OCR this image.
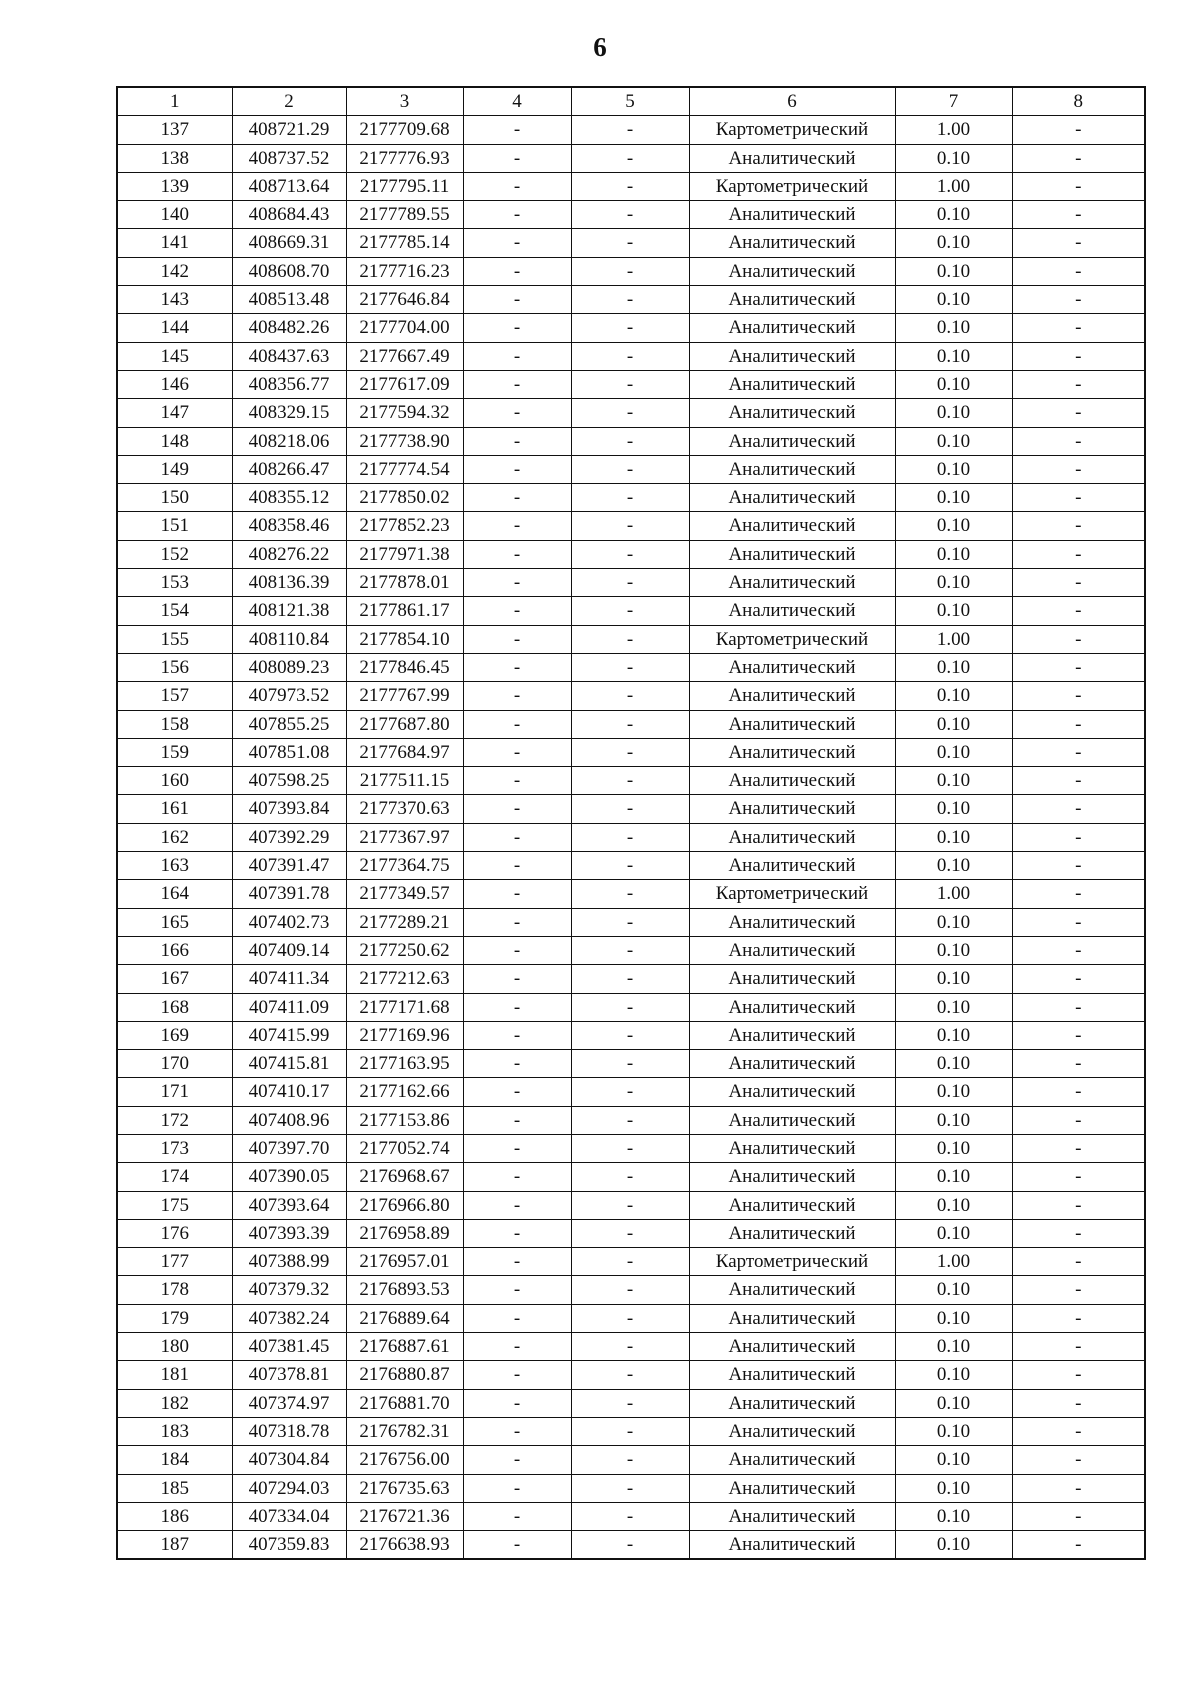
6
1	2	3	4	5	6	7	8
137	408721.29	2177709.68	-	-	Картометрический	1.00	-
138	408737.52	2177776.93	-	-	Аналитический	0.10	-
139	408713.64	2177795.11	-	-	Картометрический	1.00	-
140	408684.43	2177789.55	-	-	Аналитический	0.10	-
141	408669.31	2177785.14	-	-	Аналитический	0.10	-
142	408608.70	2177716.23	-	-	Аналитический	0.10	-
143	408513.48	2177646.84	-	-	Аналитический	0.10	-
144	408482.26	2177704.00	-	-	Аналитический	0.10	-
145	408437.63	2177667.49	-	-	Аналитический	0.10	-
146	408356.77	2177617.09	-	-	Аналитический	0.10	-
147	408329.15	2177594.32	-	-	Аналитический	0.10	-
148	408218.06	2177738.90	-	-	Аналитический	0.10	-
149	408266.47	2177774.54	-	-	Аналитический	0.10	-
150	408355.12	2177850.02	-	-	Аналитический	0.10	-
151	408358.46	2177852.23	-	-	Аналитический	0.10	-
152	408276.22	2177971.38	-	-	Аналитический	0.10	-
153	408136.39	2177878.01	-	-	Аналитический	0.10	-
154	408121.38	2177861.17	-	-	Аналитический	0.10	-
155	408110.84	2177854.10	-	-	Картометрический	1.00	-
156	408089.23	2177846.45	-	-	Аналитический	0.10	-
157	407973.52	2177767.99	-	-	Аналитический	0.10	-
158	407855.25	2177687.80	-	-	Аналитический	0.10	-
159	407851.08	2177684.97	-	-	Аналитический	0.10	-
160	407598.25	2177511.15	-	-	Аналитический	0.10	-
161	407393.84	2177370.63	-	-	Аналитический	0.10	-
162	407392.29	2177367.97	-	-	Аналитический	0.10	-
163	407391.47	2177364.75	-	-	Аналитический	0.10	-
164	407391.78	2177349.57	-	-	Картометрический	1.00	-
165	407402.73	2177289.21	-	-	Аналитический	0.10	-
166	407409.14	2177250.62	-	-	Аналитический	0.10	-
167	407411.34	2177212.63	-	-	Аналитический	0.10	-
168	407411.09	2177171.68	-	-	Аналитический	0.10	-
169	407415.99	2177169.96	-	-	Аналитический	0.10	-
170	407415.81	2177163.95	-	-	Аналитический	0.10	-
171	407410.17	2177162.66	-	-	Аналитический	0.10	-
172	407408.96	2177153.86	-	-	Аналитический	0.10	-
173	407397.70	2177052.74	-	-	Аналитический	0.10	-
174	407390.05	2176968.67	-	-	Аналитический	0.10	-
175	407393.64	2176966.80	-	-	Аналитический	0.10	-
176	407393.39	2176958.89	-	-	Аналитический	0.10	-
177	407388.99	2176957.01	-	-	Картометрический	1.00	-
178	407379.32	2176893.53	-	-	Аналитический	0.10	-
179	407382.24	2176889.64	-	-	Аналитический	0.10	-
180	407381.45	2176887.61	-	-	Аналитический	0.10	-
181	407378.81	2176880.87	-	-	Аналитический	0.10	-
182	407374.97	2176881.70	-	-	Аналитический	0.10	-
183	407318.78	2176782.31	-	-	Аналитический	0.10	-
184	407304.84	2176756.00	-	-	Аналитический	0.10	-
185	407294.03	2176735.63	-	-	Аналитический	0.10	-
186	407334.04	2176721.36	-	-	Аналитический	0.10	-
187	407359.83	2176638.93	-	-	Аналитический	0.10	-
